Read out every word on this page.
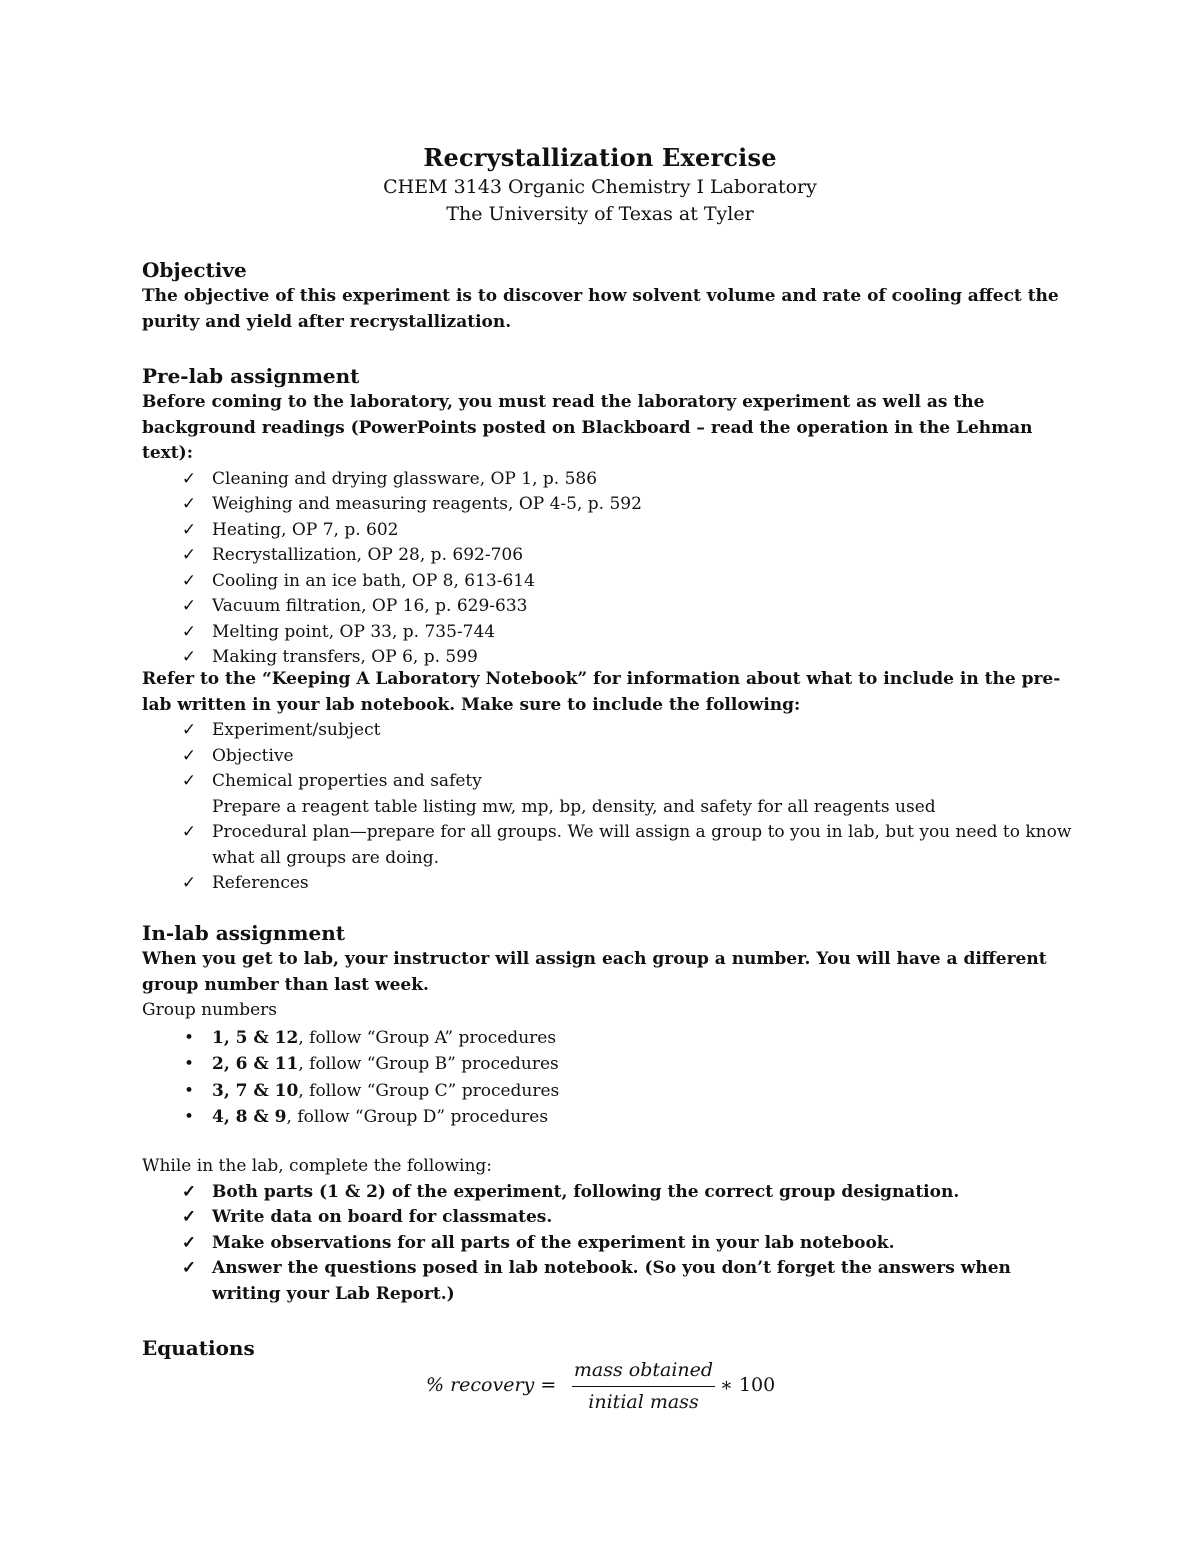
Recrystallization Exercise
CHEM 3143 Organic Chemistry I Laboratory
The University of Texas at Tyler
Objective
The objective of this experiment is to discover how solvent volume and rate of cooling affect the purity and yield after recrystallization.
Pre-lab assignment
Before coming to the laboratory, you must read the laboratory experiment as well as the background readings (PowerPoints posted on Blackboard – read the operation in the Lehman text):
✓ Cleaning and drying glassware, OP 1, p. 586
✓ Weighing and measuring reagents, OP 4-5, p. 592
✓ Heating, OP 7, p. 602
✓ Recrystallization, OP 28, p. 692-706
✓ Cooling in an ice bath, OP 8, 613-614
✓ Vacuum filtration, OP 16, p. 629-633
✓ Melting point, OP 33, p. 735-744
✓ Making transfers, OP 6, p. 599
Refer to the “Keeping A Laboratory Notebook” for information about what to include in the pre-lab written in your lab notebook. Make sure to include the following:
✓ Experiment/subject
✓ Objective
✓ Chemical properties and safety
Prepare a reagent table listing mw, mp, bp, density, and safety for all reagents used
✓ Procedural plan—prepare for all groups. We will assign a group to you in lab, but you need to know what all groups are doing.
✓ References
In-lab assignment
When you get to lab, your instructor will assign each group a number. You will have a different group number than last week.
Group numbers
•	1, 5 & 12, follow “Group A” procedures
•	2, 6 & 11, follow “Group B” procedures
•	3, 7 & 10, follow “Group C” procedures
•	4, 8 & 9, follow “Group D” procedures
While in the lab, complete the following:
✓ Both parts (1 & 2) of the experiment, following the correct group designation.
✓ Write data on board for classmates.
✓ Make observations for all parts of the experiment in your lab notebook.
✓ Answer the questions posed in lab notebook. (So you don’t forget the answers when writing your Lab Report.)
Equations
% recovery =
mass obtained
initial mass
∗ 100
